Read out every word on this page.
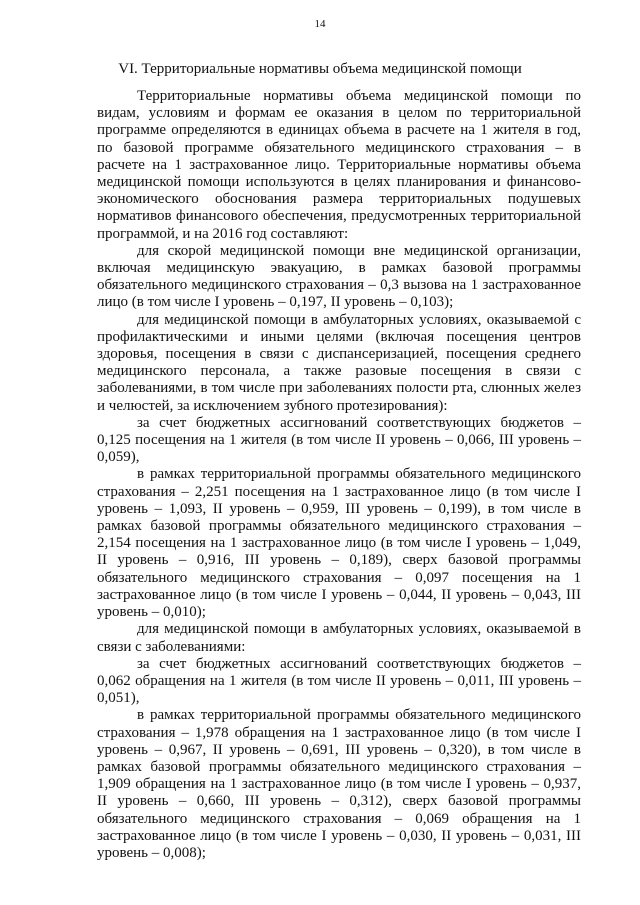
14
VI. Территориальные нормативы объема медицинской помощи

Территориальные нормативы объема медицинской помощи по видам, условиям и формам ее оказания в целом по территориальной программе определяются в единицах объема в расчете на 1 жителя в год, по базовой программе обязательного медицинского страхования – в расчете на 1 застрахованное лицо. Территориальные нормативы объема медицинской помощи используются в целях планирования и финансово-экономического обоснования размера территориальных подушевых нормативов финансового обеспечения, предусмотренных территориальной программой, и на 2016 год составляют:

для скорой медицинской помощи вне медицинской организации, включая медицинскую эвакуацию, в рамках базовой программы обязательного медицинского страхования – 0,3 вызова на 1 застрахованное лицо (в том числе I уровень – 0,197, II уровень – 0,103);

для медицинской помощи в амбулаторных условиях, оказываемой с профилактическими и иными целями (включая посещения центров здоровья, посещения в связи с диспансеризацией, посещения среднего медицинского персонала, а также разовые посещения в связи с заболеваниями, в том числе при заболеваниях полости рта, слюнных желез и челюстей, за исключением зубного протезирования):

за счет бюджетных ассигнований соответствующих бюджетов – 0,125 посещения на 1 жителя (в том числе II уровень – 0,066, III уровень – 0,059),

в рамках территориальной программы обязательного медицинского страхования – 2,251 посещения на 1 застрахованное лицо (в том числе I уровень – 1,093, II уровень – 0,959, III уровень – 0,199), в том числе в рамках базовой программы обязательного медицинского страхования – 2,154 посещения на 1 застрахованное лицо (в том числе I уровень – 1,049, II уровень – 0,916, III уровень – 0,189), сверх базовой программы обязательного медицинского страхования – 0,097 посещения на 1 застрахованное лицо (в том числе I уровень – 0,044, II уровень – 0,043, III уровень – 0,010);

для медицинской помощи в амбулаторных условиях, оказываемой в связи с заболеваниями:

за счет бюджетных ассигнований соответствующих бюджетов – 0,062 обращения на 1 жителя (в том числе II уровень – 0,011, III уровень – 0,051),

в рамках территориальной программы обязательного медицинского страхования – 1,978 обращения на 1 застрахованное лицо (в том числе I уровень – 0,967, II уровень – 0,691, III уровень – 0,320), в том числе в рамках базовой программы обязательного медицинского страхования – 1,909 обращения на 1 застрахованное лицо (в том числе I уровень – 0,937, II уровень – 0,660, III уровень – 0,312), сверх базовой программы обязательного медицинского страхования – 0,069 обращения на 1 застрахованное лицо (в том числе I уровень – 0,030, II уровень – 0,031, III уровень – 0,008);
